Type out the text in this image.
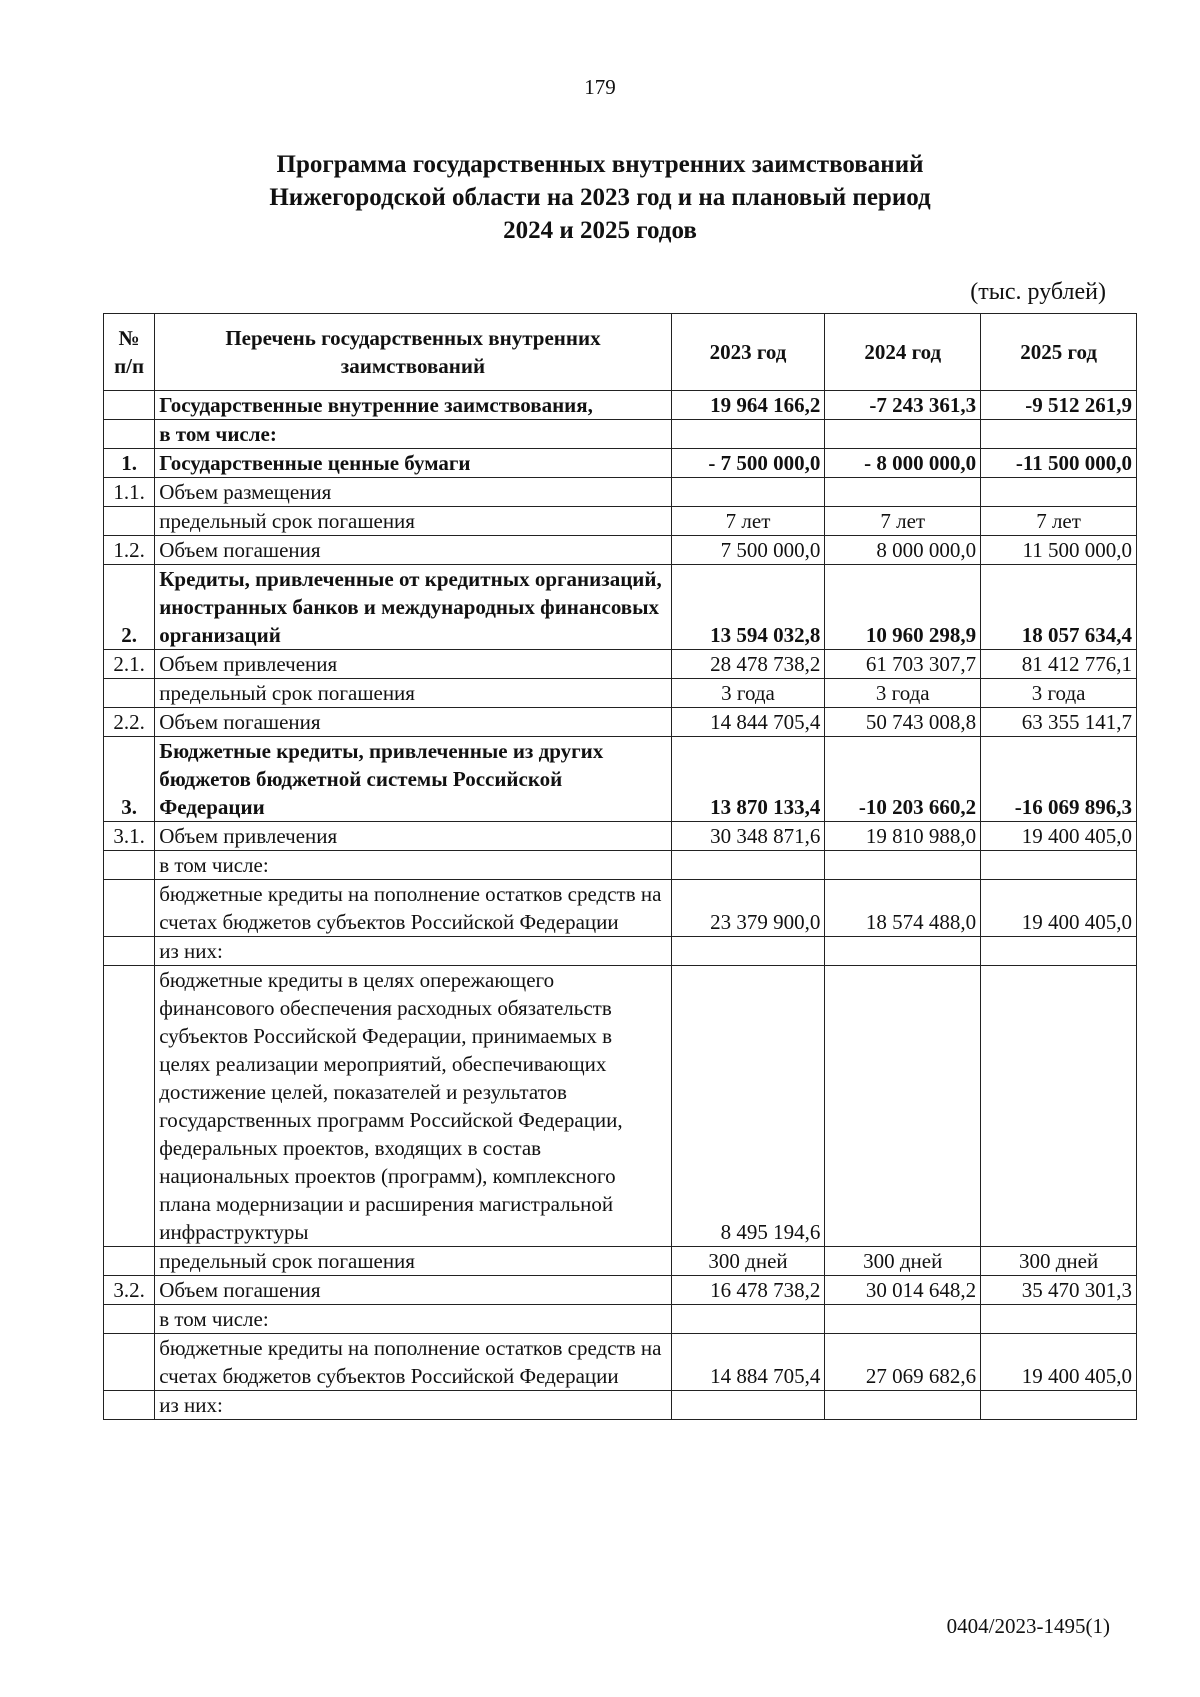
179
Программа государственных внутренних заимствований
Нижегородской области на 2023 год и на плановый период
2024 и 2025 годов
(тыс. рублей)
№ п/п	Перечень государственных внутренних заимствований	2023 год	2024 год	2025 год
	Государственные внутренние заимствования,	19 964 166,2	-7 243 361,3	-9 512 261,9
	в том числе:			
1.	Государственные ценные бумаги	- 7 500 000,0	- 8 000 000,0	-11 500 000,0
1.1.	Объем размещения			
	предельный срок погашения	7 лет	7 лет	7 лет
1.2.	Объем погашения	7 500 000,0	8 000 000,0	11 500 000,0
2.	Кредиты, привлеченные от кредитных организаций, иностранных банков и международных финансовых организаций	13 594 032,8	10 960 298,9	18 057 634,4
2.1.	Объем привлечения	28 478 738,2	61 703 307,7	81 412 776,1
	предельный срок погашения	3 года	3 года	3 года
2.2.	Объем погашения	14 844 705,4	50 743 008,8	63 355 141,7
3.	Бюджетные кредиты, привлеченные из других бюджетов бюджетной системы Российской Федерации	13 870 133,4	-10 203 660,2	-16 069 896,3
3.1.	Объем привлечения	30 348 871,6	19 810 988,0	19 400 405,0
	в том числе:			
	бюджетные кредиты на пополнение остатков средств на счетах бюджетов субъектов Российской Федерации	23 379 900,0	18 574 488,0	19 400 405,0
	из них:			
	бюджетные кредиты в целях опережающего финансового обеспечения расходных обязательств субъектов Российской Федерации, принимаемых в целях реализации мероприятий, обеспечивающих достижение целей, показателей и результатов государственных программ Российской Федерации, федеральных проектов, входящих в состав национальных проектов (программ), комплексного плана модернизации и расширения магистральной инфраструктуры	8 495 194,6		
	предельный срок погашения	300 дней	300 дней	300 дней
3.2.	Объем погашения	16 478 738,2	30 014 648,2	35 470 301,3
	в том числе:			
	бюджетные кредиты на пополнение остатков средств на счетах бюджетов субъектов Российской Федерации	14 884 705,4	27 069 682,6	19 400 405,0
	из них:			
0404/2023-1495(1)
